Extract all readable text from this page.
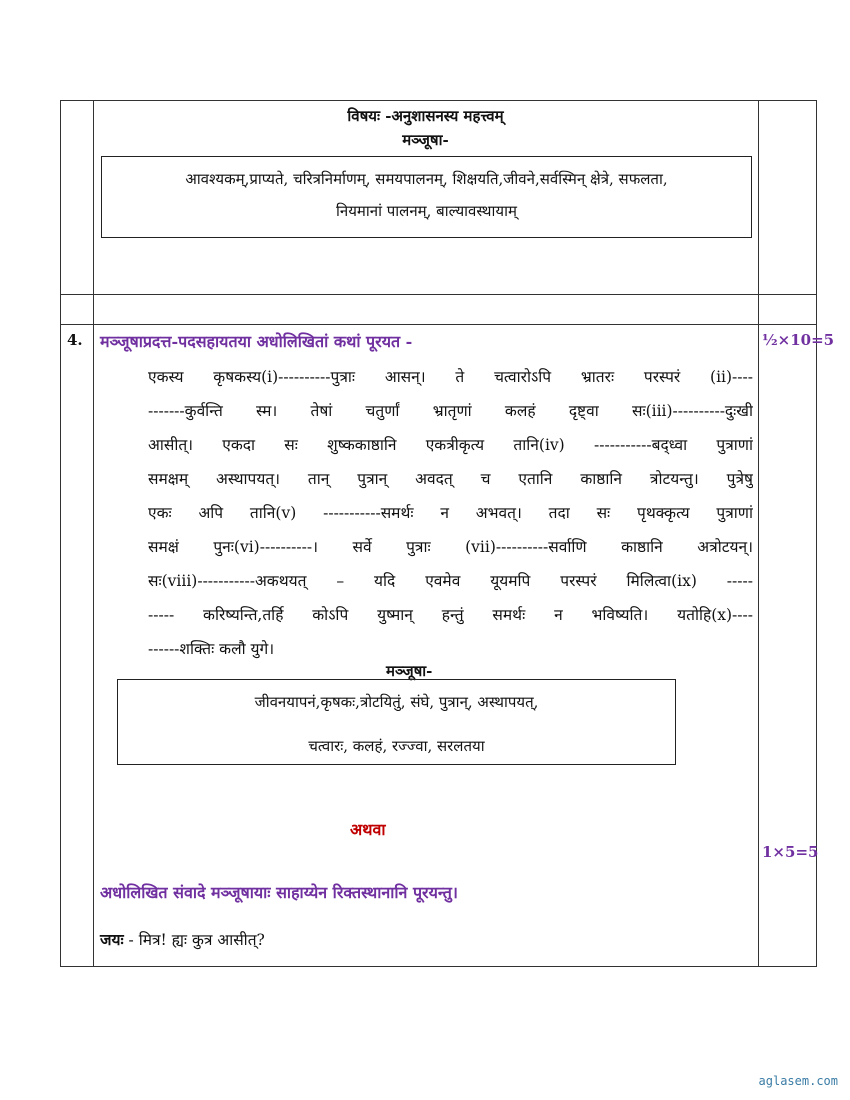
विषयः -अनुशासनस्य महत्त्वम्
मञ्जूषा-
आवश्यकम्,प्राप्यते, चरित्रनिर्माणम्, समयपालनम्, शिक्षयति,जीवने,सर्वस्मिन् क्षेत्रे, सफलता,
नियमानां पालनम्, बाल्यावस्थायाम्
4. मञ्जूषाप्रदत्त-पदसहायतया अधोलिखितां कथां पूरयत -	½×10=5
एकस्य कृषकस्य(i)----------पुत्राः आसन्। ते चत्वारोऽपि भ्रातरः परस्परं (ii)----
-------कुर्वन्ति स्म। तेषां चतुर्णां भ्रातृणां कलहं दृष्ट्वा सः(iii)----------दुःखी
आसीत्। एकदा सः शुष्ककाष्ठानि एकत्रीकृत्य तानि(iv) -----------बद्ध्वा पुत्राणां
समक्षम् अस्थापयत्। तान् पुत्रान् अवदत् च एतानि काष्ठानि त्रोटयन्तु। पुत्रेषु
एकः अपि तानि(v) -----------समर्थः न अभवत्। तदा सः पृथक्कृत्य पुत्राणां
समक्षं पुनः(vi)----------। सर्वे पुत्राः (vii)----------सर्वाणि काष्ठानि अत्रोटयन्।
सः(viii)-----------अकथयत् – यदि एवमेव यूयमपि परस्परं मिलित्वा(ix) -----
----- करिष्यन्ति,तर्हि कोऽपि युष्मान् हन्तुं समर्थः न भविष्यति। यतोहि(x)----
------शक्तिः कलौ युगे।
मञ्जूषा-
जीवनयापनं,कृषकः,त्रोटयितुं, संघे, पुत्रान्, अस्थापयत्,
चत्वारः, कलहं, रज्ज्वा, सरलतया
अथवा
1×5=5
अधोलिखित संवादे मञ्जूषायाः साहाय्येन रिक्तस्थानानि पूरयन्तु।
जयः - मित्र! ह्यः कुत्र आसीत्?
aglasem.com
